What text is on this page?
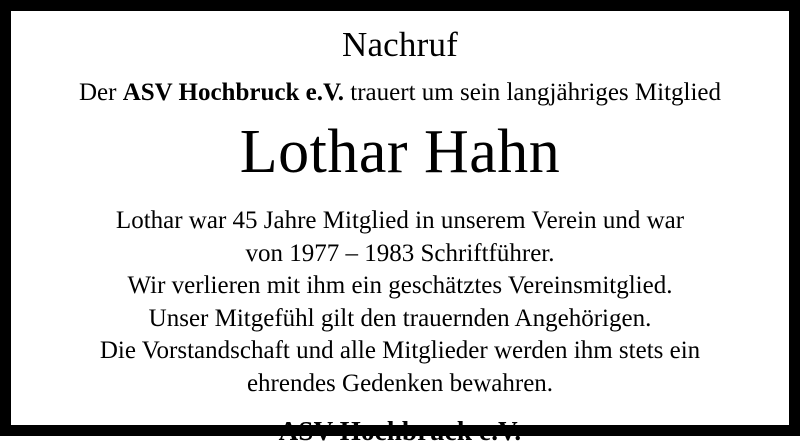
Nachruf
Der ASV Hochbruck e.V. trauert um sein langjähriges Mitglied
Lothar Hahn
Lothar war 45 Jahre Mitglied in unserem Verein und war
von 1977 – 1983 Schriftführer.
Wir verlieren mit ihm ein geschätztes Vereinsmitglied.
Unser Mitgefühl gilt den trauernden Angehörigen.
Die Vorstandschaft und alle Mitglieder werden ihm stets ein
ehrendes Gedenken bewahren.
ASV Hochbruck e.V.
